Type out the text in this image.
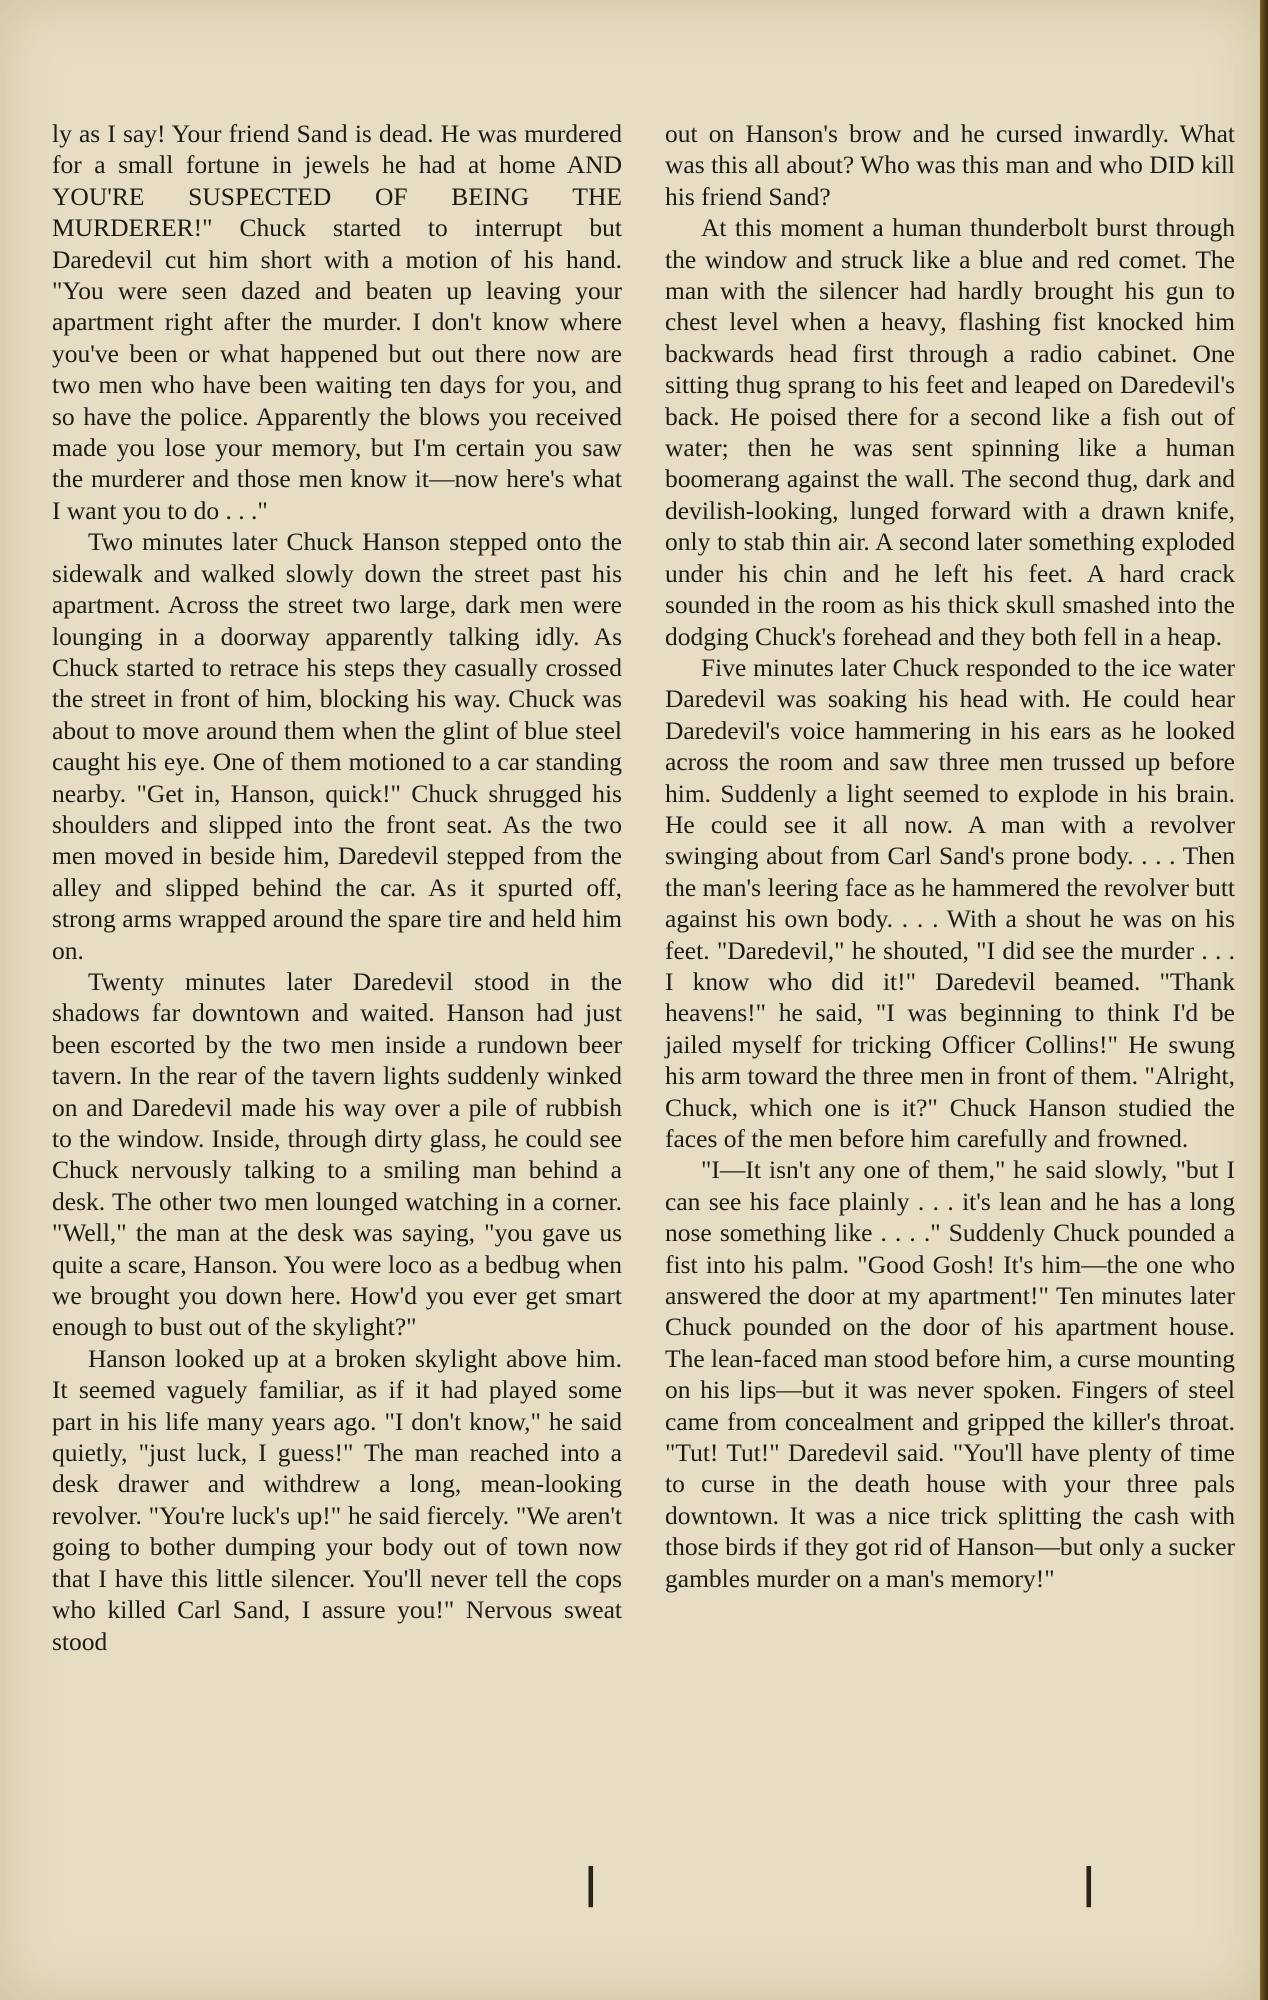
ly as I say! Your friend Sand is dead. He was murdered for a small fortune in jewels he had at home AND YOU'RE SUSPECTED OF BEING THE MURDERER!" Chuck started to interrupt but Daredevil cut him short with a motion of his hand. "You were seen dazed and beaten up leaving your apartment right after the murder. I don't know where you've been or what happened but out there now are two men who have been waiting ten days for you, and so have the police. Apparently the blows you received made you lose your memory, but I'm certain you saw the murderer and those men know it—now here's what I want you to do . . ."

Two minutes later Chuck Hanson stepped onto the sidewalk and walked slowly down the street past his apartment. Across the street two large, dark men were lounging in a doorway apparently talking idly. As Chuck started to retrace his steps they casually crossed the street in front of him, blocking his way. Chuck was about to move around them when the glint of blue steel caught his eye. One of them motioned to a car standing nearby. "Get in, Hanson, quick!" Chuck shrugged his shoulders and slipped into the front seat. As the two men moved in beside him, Daredevil stepped from the alley and slipped behind the car. As it spurted off, strong arms wrapped around the spare tire and held him on.

Twenty minutes later Daredevil stood in the shadows far downtown and waited. Hanson had just been escorted by the two men inside a rundown beer tavern. In the rear of the tavern lights suddenly winked on and Daredevil made his way over a pile of rubbish to the window. Inside, through dirty glass, he could see Chuck nervously talking to a smiling man behind a desk. The other two men lounged watching in a corner. "Well," the man at the desk was saying, "you gave us quite a scare, Hanson. You were loco as a bedbug when we brought you down here. How'd you ever get smart enough to bust out of the skylight?"

Hanson looked up at a broken skylight above him. It seemed vaguely familiar, as if it had played some part in his life many years ago. "I don't know," he said quietly, "just luck, I guess!" The man reached into a desk drawer and withdrew a long, mean-looking revolver. "You're luck's up!" he said fiercely. "We aren't going to bother dumping your body out of town now that I have this little silencer. You'll never tell the cops who killed Carl Sand, I assure you!" Nervous sweat stood

out on Hanson's brow and he cursed inwardly. What was this all about? Who was this man and who DID kill his friend Sand?

At this moment a human thunderbolt burst through the window and struck like a blue and red comet. The man with the silencer had hardly brought his gun to chest level when a heavy, flashing fist knocked him backwards head first through a radio cabinet. One sitting thug sprang to his feet and leaped on Daredevil's back. He poised there for a second like a fish out of water; then he was sent spinning like a human boomerang against the wall. The second thug, dark and devilish-looking, lunged forward with a drawn knife, only to stab thin air. A second later something exploded under his chin and he left his feet. A hard crack sounded in the room as his thick skull smashed into the dodging Chuck's forehead and they both fell in a heap.

Five minutes later Chuck responded to the ice water Daredevil was soaking his head with. He could hear Daredevil's voice hammering in his ears as he looked across the room and saw three men trussed up before him. Suddenly a light seemed to explode in his brain. He could see it all now. A man with a revolver swinging about from Carl Sand's prone body. . . . Then the man's leering face as he hammered the revolver butt against his own body. . . . With a shout he was on his feet. "Daredevil," he shouted, "I did see the murder . . . I know who did it!" Daredevil beamed. "Thank heavens!" he said, "I was beginning to think I'd be jailed myself for tricking Officer Collins!" He swung his arm toward the three men in front of them. "Alright, Chuck, which one is it?" Chuck Hanson studied the faces of the men before him carefully and frowned.

"I—It isn't any one of them," he said slowly, "but I can see his face plainly . . . it's lean and he has a long nose something like . . . ." Suddenly Chuck pounded a fist into his palm. "Good Gosh! It's him—the one who answered the door at my apartment!" Ten minutes later Chuck pounded on the door of his apartment house. The lean-faced man stood before him, a curse mounting on his lips—but it was never spoken. Fingers of steel came from concealment and gripped the killer's throat. "Tut! Tut!" Daredevil said. "You'll have plenty of time to curse in the death house with your three pals downtown. It was a nice trick splitting the cash with those birds if they got rid of Hanson—but only a sucker gambles murder on a man's memory!"

❘	❘
